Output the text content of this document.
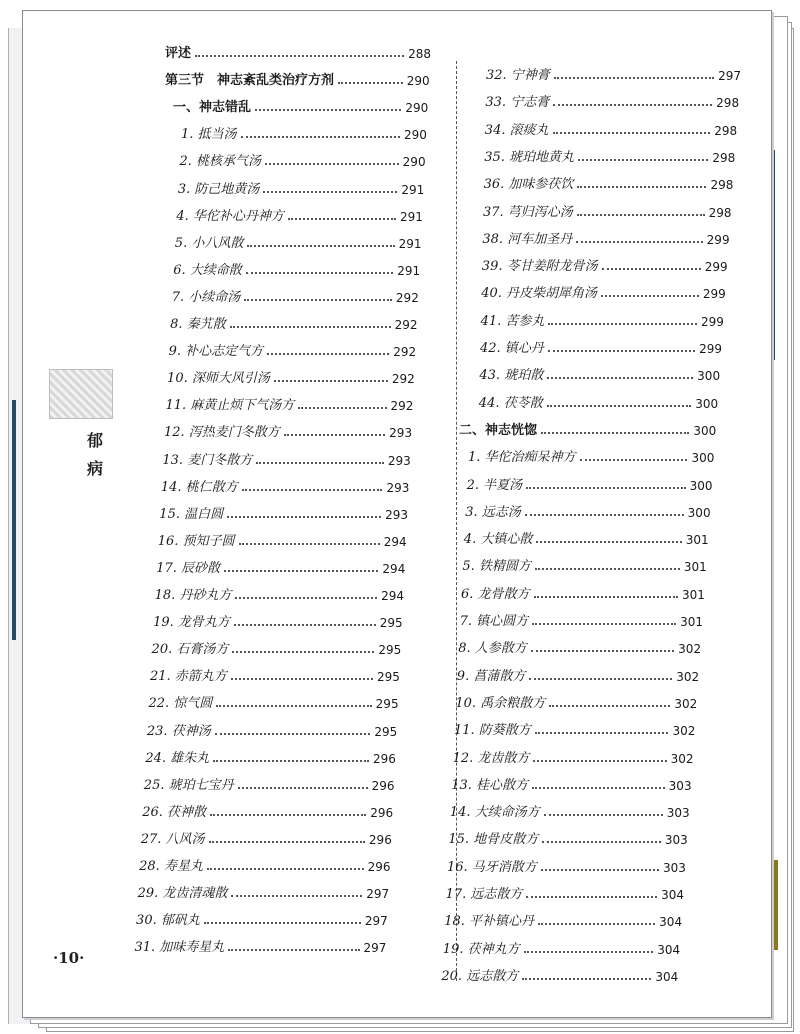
郁
病
·10·
评述	288
第三节　神志紊乱类治疗方剂	290
一、神志错乱	290
1. 抵当汤	290
2. 桃核承气汤	290
3. 防己地黄汤	291
4. 华佗补心丹神方	291
5. 小八风散	291
6. 大续命散	291
7. 小续命汤	292
8. 秦艽散	292
9. 补心志定气方	292
10. 深师大风引汤	292
11. 麻黄止烦下气汤方	292
12. 泻热麦门冬散方	293
13. 麦门冬散方	293
14. 桃仁散方	293
15. 温白圆	293
16. 预知子圆	294
17. 辰砂散	294
18. 丹砂丸方	294
19. 龙骨丸方	295
20. 石膏汤方	295
21. 赤箭丸方	295
22. 惊气圆	295
23. 茯神汤	295
24. 雄朱丸	296
25. 琥珀七宝丹	296
26. 茯神散	296
27. 八风汤	296
28. 寿星丸	296
29. 龙齿清魂散	297
30. 郁矾丸	297
31. 加味寿星丸	297
32. 宁神膏	297
33. 宁志膏	298
34. 滚痰丸	298
35. 琥珀地黄丸	298
36. 加味参茯饮	298
37. 芎归泻心汤	298
38. 河车加圣丹	299
39. 苓甘姜附龙骨汤	299
40. 丹皮柴胡犀角汤	299
41. 苦参丸	299
42. 镇心丹	299
43. 琥珀散	300
44. 茯苓散	300
二、神志恍惚	300
1. 华佗治痴呆神方	300
2. 半夏汤	300
3. 远志汤	300
4. 大镇心散	301
5. 铁精圆方	301
6. 龙骨散方	301
7. 镇心圆方	301
8. 人参散方	302
9. 菖蒲散方	302
10. 禹余粮散方	302
11. 防葵散方	302
12. 龙齿散方	302
13. 桂心散方	303
14. 大续命汤方	303
15. 地骨皮散方	303
16. 马牙消散方	303
17. 远志散方	304
18. 平补镇心丹	304
19. 茯神丸方	304
20. 远志散方	304
